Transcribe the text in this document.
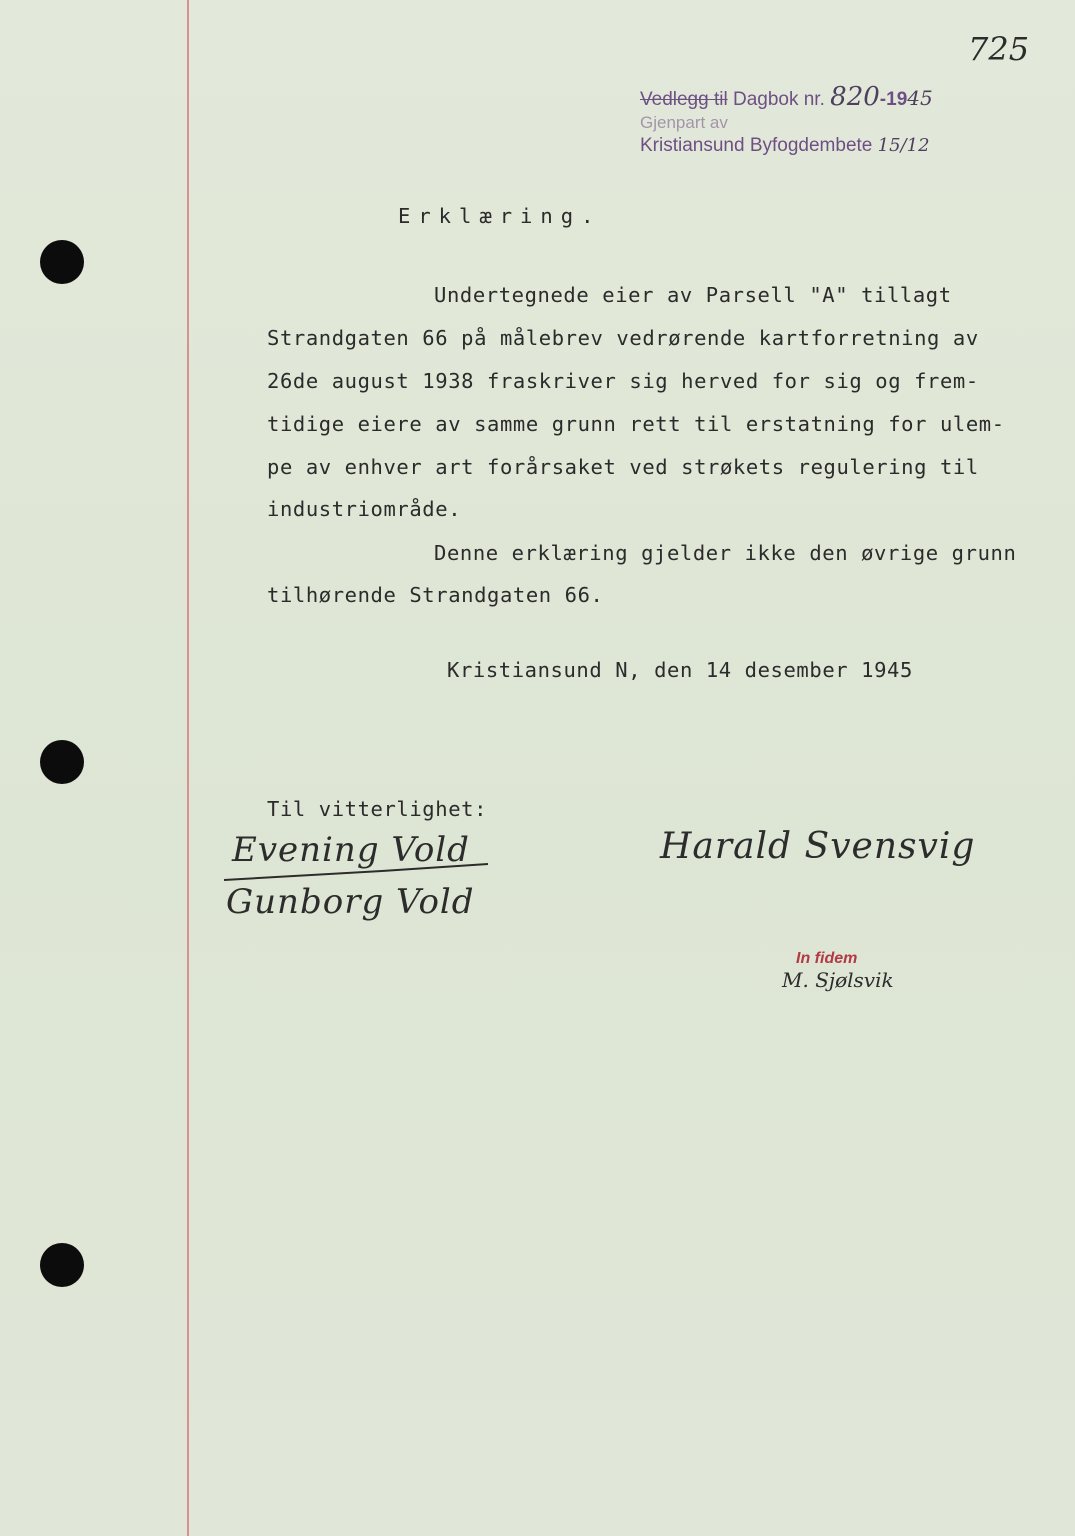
725
Vedlegg til Dagbok nr. 820-1945
Gjenpart av
Kristiansund Byfogdembete 15/12
Erklæring.
Undertegnede eier av Parsell "A" tillagt
Strandgaten 66 på målebrev vedrørende kartforretning av
26de august 1938 fraskriver sig herved for sig og frem-
tidige eiere av samme grunn rett til erstatning for ulem-
pe av enhver art forårsaket ved strøkets regulering til
industriområde.
Denne erklæring gjelder ikke den øvrige grunn
tilhørende Strandgaten 66.
Kristiansund N, den 14 desember 1945
Til vitterlighet:
Evening Vold
Gunborg Vold
Harald Svensvig
In fidem
M. Sjølsvik
